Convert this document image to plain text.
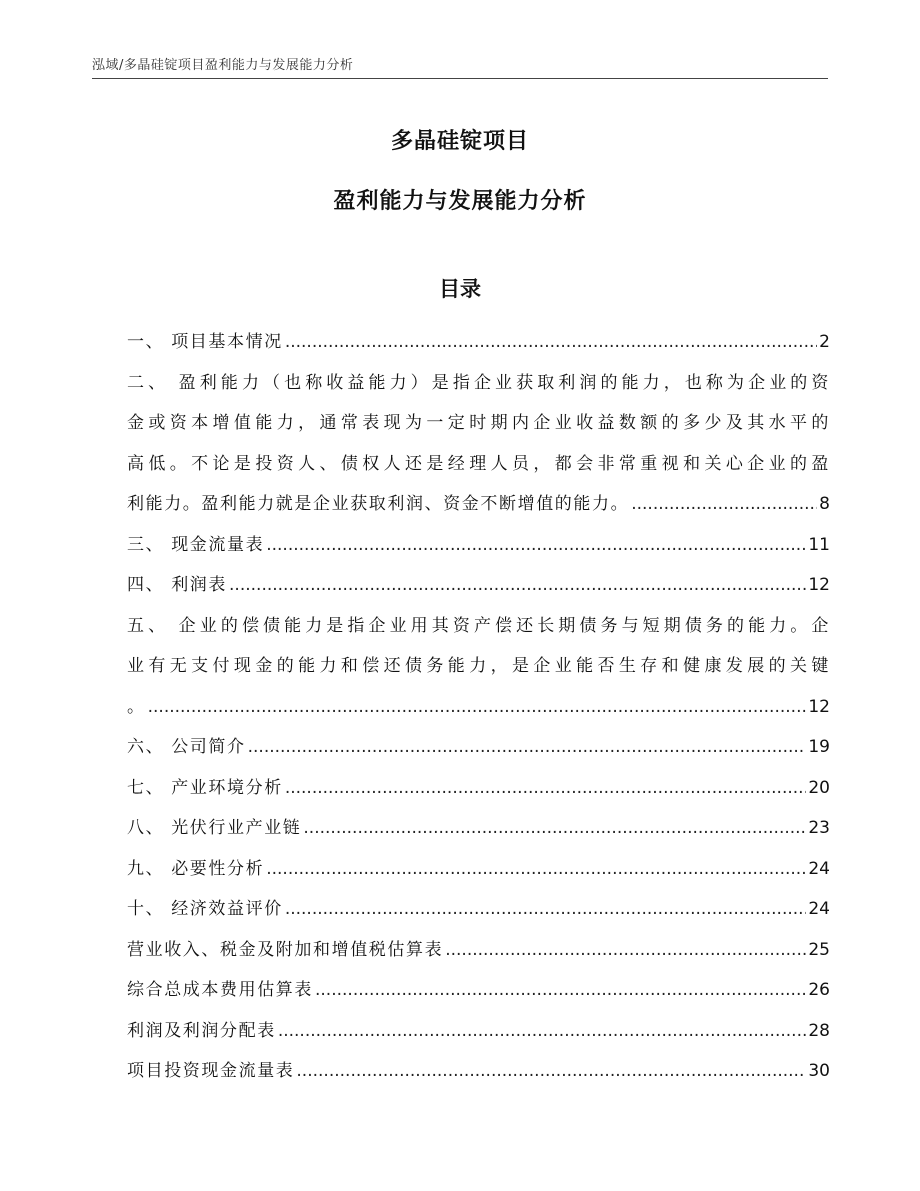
泓域/多晶硅锭项目盈利能力与发展能力分析
多晶硅锭项目
盈利能力与发展能力分析
目录
一、 项目基本情况 .....	2
二、 盈利能力（也称收益能力）是指企业获取利润的能力，也称为企业的资
金或资本增值能力，通常表现为一定时期内企业收益数额的多少及其水平的
高低。不论是投资人、债权人还是经理人员，都会非常重视和关心企业的盈
利能力。盈利能力就是企业获取利润、资金不断增值的能力。 .....	8
三、 现金流量表 .....	11
四、 利润表 .....	12
五、 企业的偿债能力是指企业用其资产偿还长期债务与短期债务的能力。企
业有无支付现金的能力和偿还债务能力，是企业能否生存和健康发展的关键
。 .....	12
六、 公司简介 .....	19
七、 产业环境分析 .....	20
八、 光伏行业产业链 .....	23
九、 必要性分析 .....	24
十、 经济效益评价 .....	24
营业收入、税金及附加和增值税估算表 .....	25
综合总成本费用估算表 .....	26
利润及利润分配表 .....	28
项目投资现金流量表 .....	30
